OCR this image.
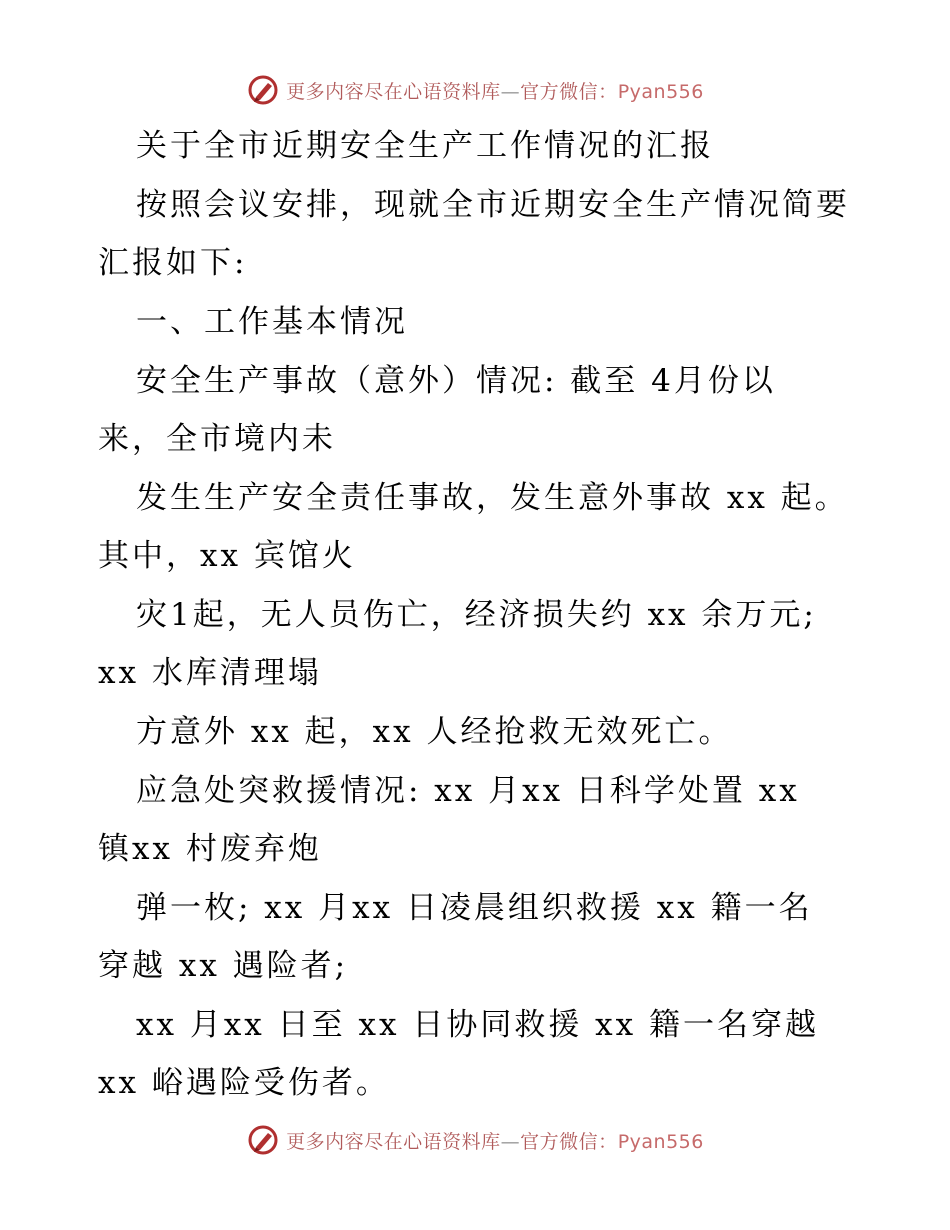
更多内容尽在心语资料库—官方微信：Pyan556
关于全市近期安全生产工作情况的汇报
按照会议安排，现就全市近期安全生产情况简要
汇报如下:
一、工作基本情况
安全生产事故（意外）情况: 截至 4月份以
来，全市境内未
发生生产安全责任事故，发生意外事故 xx 起。
其中，xx 宾馆火
灾1起，无人员伤亡，经济损失约 xx 余万元;
xx 水库清理塌
方意外 xx 起，xx 人经抢救无效死亡。
应急处突救援情况: xx 月xx 日科学处置 xx
镇xx 村废弃炮
弹一枚; xx 月xx 日凌晨组织救援 xx 籍一名
穿越 xx 遇险者;
xx 月xx 日至 xx 日协同救援 xx 籍一名穿越
xx 峪遇险受伤者。
更多内容尽在心语资料库—官方微信：Pyan556
